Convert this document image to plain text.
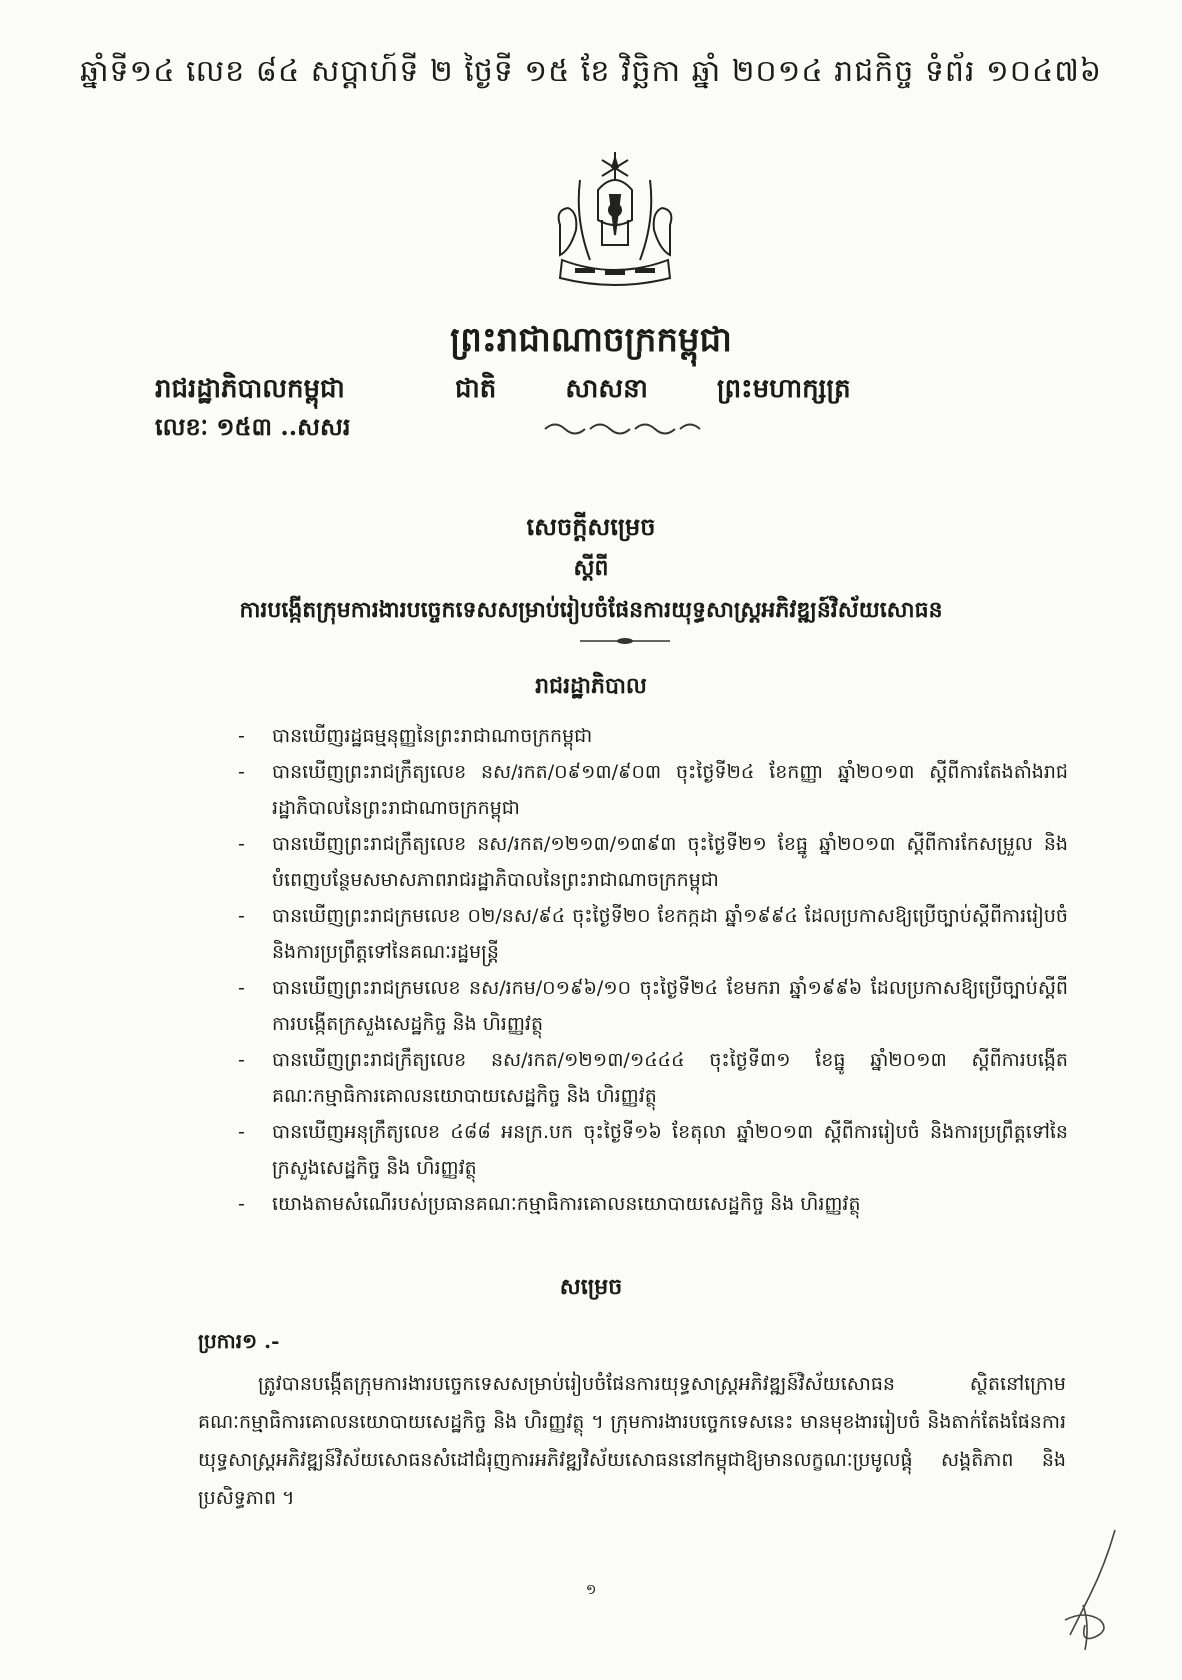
ឆ្នាំទី១៤ លេខ ៨៤ សប្តាហ៍ទី ២ ថ្ងៃទី ១៥ ខែ វិច្ឆិកា ឆ្នាំ ២០១៤ រាជកិច្ច ទំព័រ ១០៤៧៦
ព្រះរាជាណាចក្រកម្ពុជា
រាជរដ្ឋាភិបាលកម្ពុជា
លេខៈ ១៥៣ ..សសរ
ជាតិ	សាសនា	ព្រះមហាក្សត្រ
សេចក្តីសម្រេច
ស្តីពី
ការបង្កើតក្រុមការងារបច្ចេកទេសសម្រាប់រៀបចំផែនការយុទ្ធសាស្ត្រអភិវឌ្ឍន៍វិស័យសោធន
រាជរដ្ឋាភិបាល
- បានឃើញរដ្ឋធម្មនុញ្ញនៃព្រះរាជាណាចក្រកម្ពុជា
- បានឃើញព្រះរាជក្រឹត្យលេខ នស/រកត/០៩១៣/៩០៣ ចុះថ្ងៃទី២៤ ខែកញ្ញា ឆ្នាំ២០១៣ ស្តីពីការតែងតាំងរាជរដ្ឋាភិបាលនៃព្រះរាជាណាចក្រកម្ពុជា
- បានឃើញព្រះរាជក្រឹត្យលេខ នស/រកត/១២១៣/១៣៩៣ ចុះថ្ងៃទី២១ ខែធ្នូ ឆ្នាំ២០១៣ ស្តីពីការកែសម្រួល និងបំពេញបន្ថែមសមាសភាពរាជរដ្ឋាភិបាលនៃព្រះរាជាណាចក្រកម្ពុជា
- បានឃើញព្រះរាជក្រមលេខ ០២/នស/៩៤ ចុះថ្ងៃទី២០ ខែកក្កដា ឆ្នាំ១៩៩៤ ដែលប្រកាសឱ្យប្រើច្បាប់ស្តីពីការរៀបចំនិងការប្រព្រឹត្តទៅនៃគណៈរដ្ឋមន្ត្រី
- បានឃើញព្រះរាជក្រមលេខ នស/រកម/០១៩៦/១០ ចុះថ្ងៃទី២៤ ខែមករា ឆ្នាំ១៩៩៦ ដែលប្រកាសឱ្យប្រើច្បាប់ស្តីពីការបង្កើតក្រសួងសេដ្ឋកិច្ច និង ហិរញ្ញវត្ថុ
- បានឃើញព្រះរាជក្រឹត្យលេខ នស/រកត/១២១៣/១៤៤៤ ចុះថ្ងៃទី៣១ ខែធ្នូ ឆ្នាំ២០១៣ ស្តីពីការបង្កើតគណៈកម្មាធិការគោលនយោបាយសេដ្ឋកិច្ច និង ហិរញ្ញវត្ថុ
- បានឃើញអនុក្រឹត្យលេខ ៤៨៨ អនក្រ.បក ចុះថ្ងៃទី១៦ ខែតុលា ឆ្នាំ២០១៣ ស្តីពីការរៀបចំ និងការប្រព្រឹត្តទៅនៃក្រសួងសេដ្ឋកិច្ច និង ហិរញ្ញវត្ថុ
- យោងតាមសំណើរបស់ប្រធានគណៈកម្មាធិការគោលនយោបាយសេដ្ឋកិច្ច និង ហិរញ្ញវត្ថុ
សម្រេច
ប្រការ១ .-
ត្រូវបានបង្កើតក្រុមការងារបច្ចេកទេសសម្រាប់រៀបចំផែនការយុទ្ធសាស្ត្រអភិវឌ្ឍន៍វិស័យសោធន ស្ថិតនៅក្រោមគណៈកម្មាធិការគោលនយោបាយសេដ្ឋកិច្ច និង ហិរញ្ញវត្ថុ ។ ក្រុមការងារបច្ចេកទេសនេះ មានមុខងាររៀបចំ និងតាក់តែងផែនការយុទ្ធសាស្ត្រអភិវឌ្ឍន៍វិស័យសោធនសំដៅជំរុញការអភិវឌ្ឍវិស័យសោធននៅកម្ពុជាឱ្យមានលក្ខណៈប្រមូលផ្តុំ សង្គតិភាព និងប្រសិទ្ធភាព ។
១
